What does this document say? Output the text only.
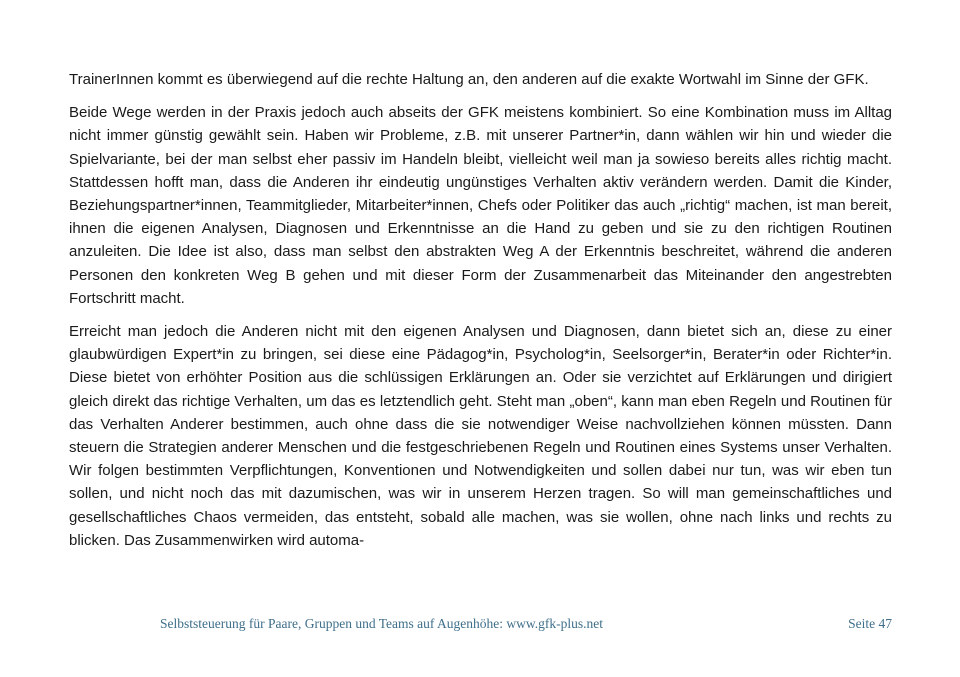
TrainerInnen kommt es überwiegend auf die rechte Haltung an, den anderen auf die exakte Wortwahl im Sinne der GFK.

Beide Wege werden in der Praxis jedoch auch abseits der GFK meistens kombiniert. So eine Kombination muss im Alltag nicht immer günstig gewählt sein. Haben wir Probleme, z.B. mit unserer Partner*in, dann wählen wir hin und wieder die Spielvariante, bei der man selbst eher passiv im Handeln bleibt, vielleicht weil man ja sowieso bereits alles richtig macht. Stattdessen hofft man, dass die Anderen ihr eindeutig ungünstiges Verhalten aktiv verändern werden. Damit die Kinder, Beziehungspartner*innen, Teammitglieder, Mitarbeiter*innen, Chefs oder Politiker das auch „richtig“ machen, ist man bereit, ihnen die eigenen Analysen, Diagnosen und Erkenntnisse an die Hand zu geben und sie zu den richtigen Routinen anzuleiten. Die Idee ist also, dass man selbst den abstrakten Weg A der Erkenntnis beschreitet, während die anderen Personen den konkreten Weg B gehen und mit dieser Form der Zusammenarbeit das Miteinander den angestrebten Fortschritt macht.

Erreicht man jedoch die Anderen nicht mit den eigenen Analysen und Diagnosen, dann bietet sich an, diese zu einer glaubwürdigen Expert*in zu bringen, sei diese eine Pädagog*in, Psycholog*in, Seelsorger*in, Berater*in oder Richter*in. Diese bietet von erhöhter Position aus die schlüssigen Erklärungen an. Oder sie verzichtet auf Erklärungen und dirigiert gleich direkt das richtige Verhalten, um das es letztendlich geht. Steht man „oben“, kann man eben Regeln und Routinen für das Verhalten Anderer bestimmen, auch ohne dass die sie notwendiger Weise nachvollziehen können müssten. Dann steuern die Strategien anderer Menschen und die festgeschriebenen Regeln und Routinen eines Systems unser Verhalten. Wir folgen bestimmten Verpflichtungen, Konventionen und Notwendigkeiten und sollen dabei nur tun, was wir eben tun sollen, und nicht noch das mit dazumischen, was wir in unserem Herzen tragen. So will man gemeinschaftliches und gesellschaftliches Chaos vermeiden, das entsteht, sobald alle machen, was sie wollen, ohne nach links und rechts zu blicken. Das Zusammenwirken wird automa-

Selbststeuerung für Paare, Gruppen und Teams auf Augenhöhe: www.gfk-plus.net	Seite 47
